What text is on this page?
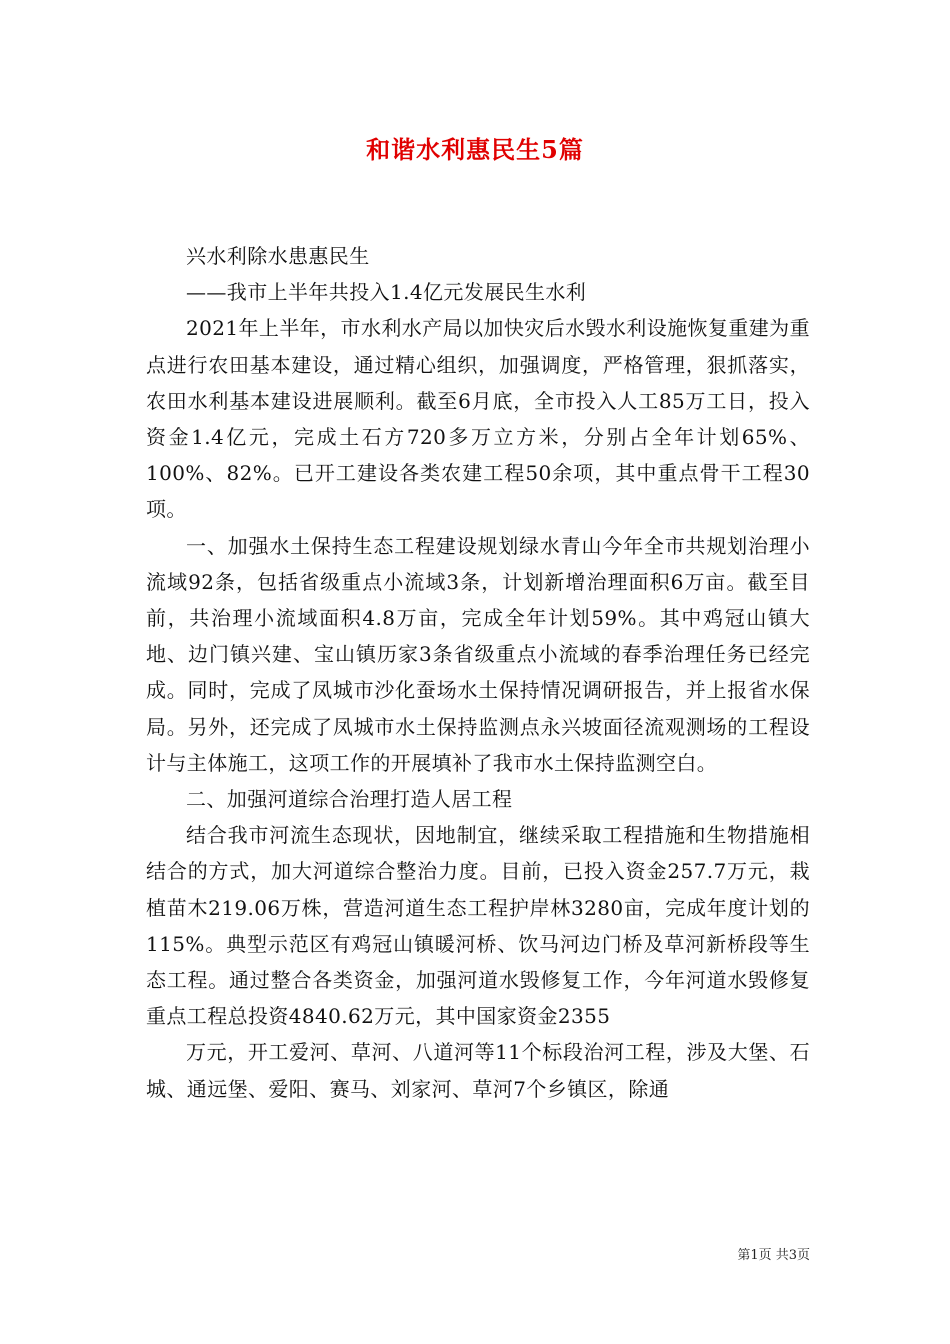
和谐水利惠民生5篇

兴水利除水患惠民生

——我市上半年共投入1.4亿元发展民生水利

2021年上半年，市水利水产局以加快灾后水毁水利设施恢复重建为重点进行农田基本建设，通过精心组织，加强调度，严格管理，狠抓落实，农田水利基本建设进展顺利。截至6月底，全市投入人工85万工日，投入资金1.4亿元，完成土石方720多万立方米，分别占全年计划65%、100%、82%。已开工建设各类农建工程50余项，其中重点骨干工程30项。

一、加强水土保持生态工程建设规划绿水青山今年全市共规划治理小流域92条，包括省级重点小流域3条，计划新增治理面积6万亩。截至目前，共治理小流域面积4.8万亩，完成全年计划59%。其中鸡冠山镇大地、边门镇兴建、宝山镇历家3条省级重点小流域的春季治理任务已经完成。同时，完成了凤城市沙化蚕场水土保持情况调研报告，并上报省水保局。另外，还完成了凤城市水土保持监测点永兴坡面径流观测场的工程设计与主体施工，这项工作的开展填补了我市水土保持监测空白。

二、加强河道综合治理打造人居工程

结合我市河流生态现状，因地制宜，继续采取工程措施和生物措施相结合的方式，加大河道综合整治力度。目前，已投入资金257.7万元，栽植苗木219.06万株，营造河道生态工程护岸林3280亩，完成年度计划的115%。典型示范区有鸡冠山镇暖河桥、饮马河边门桥及草河新桥段等生态工程。通过整合各类资金，加强河道水毁修复工作，今年河道水毁修复重点工程总投资4840.62万元，其中国家资金2355

万元，开工爱河、草河、八道河等11个标段治河工程，涉及大堡、石城、通远堡、爱阳、赛马、刘家河、草河7个乡镇区，除通

第1页 共3页
